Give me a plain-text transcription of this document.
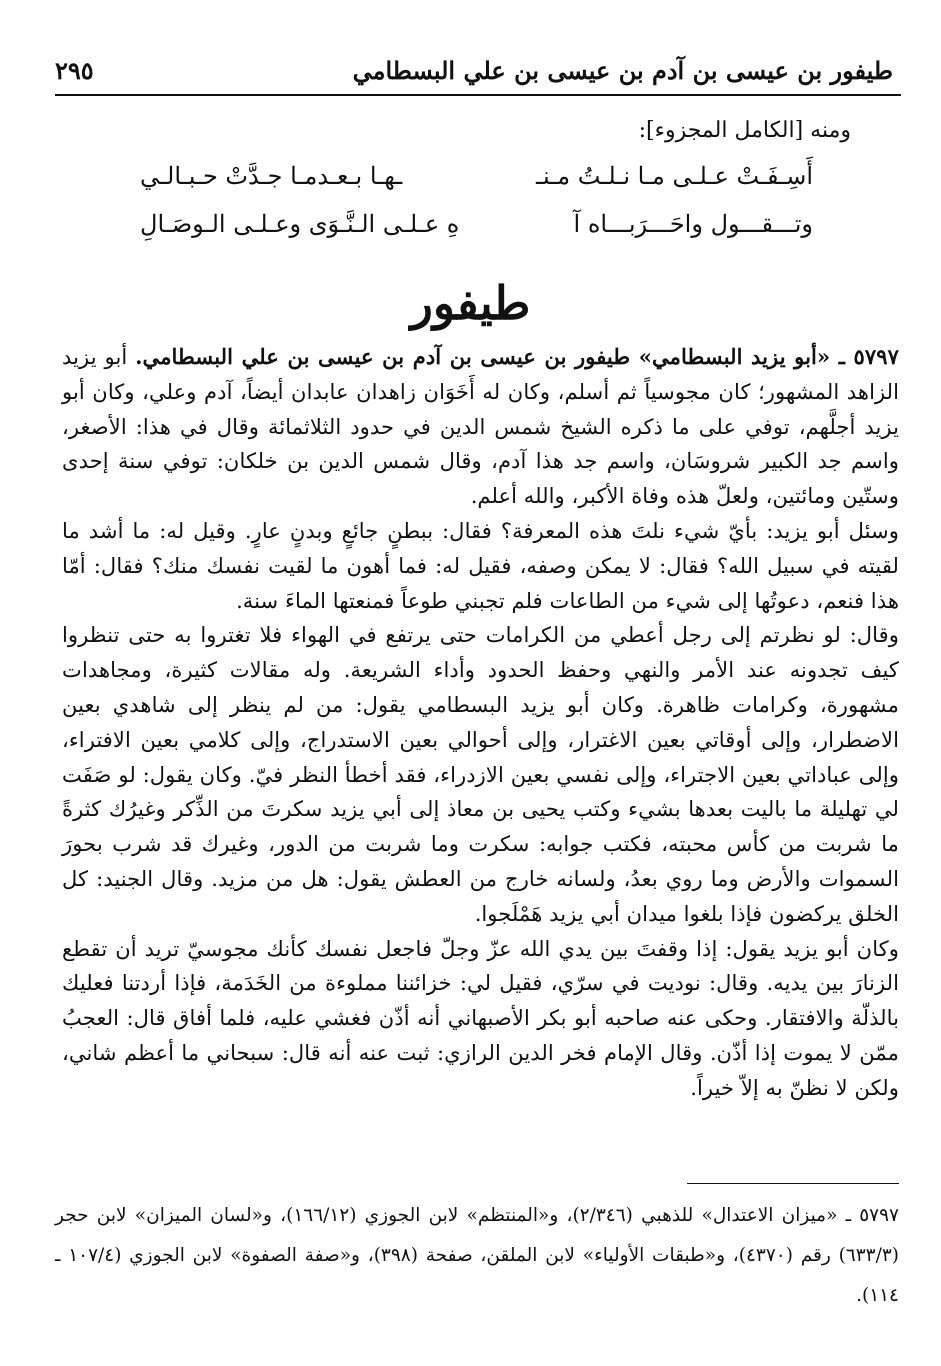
طيفور بن عيسى بن آدم بن عيسى بن علي البسطامي
٢٩٥
ومنه [الكامل المجزوء]:
أَسِـفَـتْ عـلـى مـا نـلـتُ مـنـ
ـهـا بـعـدمـا جـدَّتْ حـبـالـي
وتـــقـــول واحَـــرَبـــاه آ
هِ عـلـى الـنَّـوَى وعـلـى الـوصَـالِ
طيفور

٥٧٩٧ ـ «أبو يزيد البسطامي» طيفور بن عيسى بن آدم بن عيسى بن علي البسطامي. أبو يزيد الزاهد المشهور؛ كان مجوسياً ثم أسلم، وكان له أَخَوَان زاهدان عابدان أيضاً، آدم وعلي، وكان أبو يزيد أجلَّهم، توفي على ما ذكره الشيخ شمس الدين في حدود الثلاثمائة وقال في هذا: الأصغر، واسم جد الكبير شروسَان، واسم جد هذا آدم، وقال شمس الدين بن خلكان: توفي سنة إحدى وستّين ومائتين، ولعلّ هذه وفاة الأكبر، والله أعلم.

وسئل أبو يزيد: بأيّ شيء نلتَ هذه المعرفة؟ فقال: ببطنٍ جائعٍ وبدنٍ عارٍ. وقيل له: ما أشد ما لقيته في سبيل الله؟ فقال: لا يمكن وصفه، فقيل له: فما أهون ما لقيت نفسك منك؟ فقال: أمّا هذا فنعم، دعوتُها إلى شيء من الطاعات فلم تجبني طوعاً فمنعتها الماءَ سنة.

وقال: لو نظرتم إلى رجل أعطي من الكرامات حتى يرتفع في الهواء فلا تغتروا به حتى تنظروا كيف تجدونه عند الأمر والنهي وحفظ الحدود وأداء الشريعة. وله مقالات كثيرة، ومجاهدات مشهورة، وكرامات ظاهرة. وكان أبو يزيد البسطامي يقول: من لم ينظر إلى شاهدي بعين الاضطرار، وإلى أوقاتي بعين الاغترار، وإلى أحوالي بعين الاستدراج، وإلى كلامي بعين الافتراء، وإلى عباداتي بعين الاجتراء، وإلى نفسي بعين الازدراء، فقد أخطأ النظر فيّ. وكان يقول: لو صَفَت لي تهليلة ما باليت بعدها بشيء وكتب يحيى بن معاذ إلى أبي يزيد سكرتَ من الذِّكر وغيرُك كثرةً ما شربت من كأس محبته، فكتب جوابه: سكرت وما شربت من الدور، وغيرك قد شرب بحورَ السموات والأرض وما روي بعدُ، ولسانه خارج من العطش يقول: هل من مزيد. وقال الجنيد: كل الخلق يركضون فإذا بلغوا ميدان أبي يزيد هَمْلَجوا.

وكان أبو يزيد يقول: إذا وقفتَ بين يدي الله عزّ وجلّ فاجعل نفسك كأنك مجوسيّ تريد أن تقطع الزنارَ بين يديه. وقال: نوديت في سرّي، فقيل لي: خزائننا مملوءة من الخَدَمة، فإذا أردتنا فعليك بالذلّة والافتقار. وحكى عنه صاحبه أبو بكر الأصبهاني أنه أذّن فغشي عليه، فلما أفاق قال: العجبُ ممّن لا يموت إذا أذّن. وقال الإمام فخر الدين الرازي: ثبت عنه أنه قال: سبحاني ما أعظم شاني، ولكن لا نظنّ به إلاّ خيراً.

٥٧٩٧ ـ «ميزان الاعتدال» للذهبي (٢/٣٤٦)، و«المنتظم» لابن الجوزي (١٦٦/١٢)، و«لسان الميزان» لابن حجر (٦٣٣/٣) رقم (٤٣٧٠)، و«طبقات الأولياء» لابن الملقن، صفحة (٣٩٨)، و«صفة الصفوة» لابن الجوزي (١٠٧/٤ ـ ١١٤).
